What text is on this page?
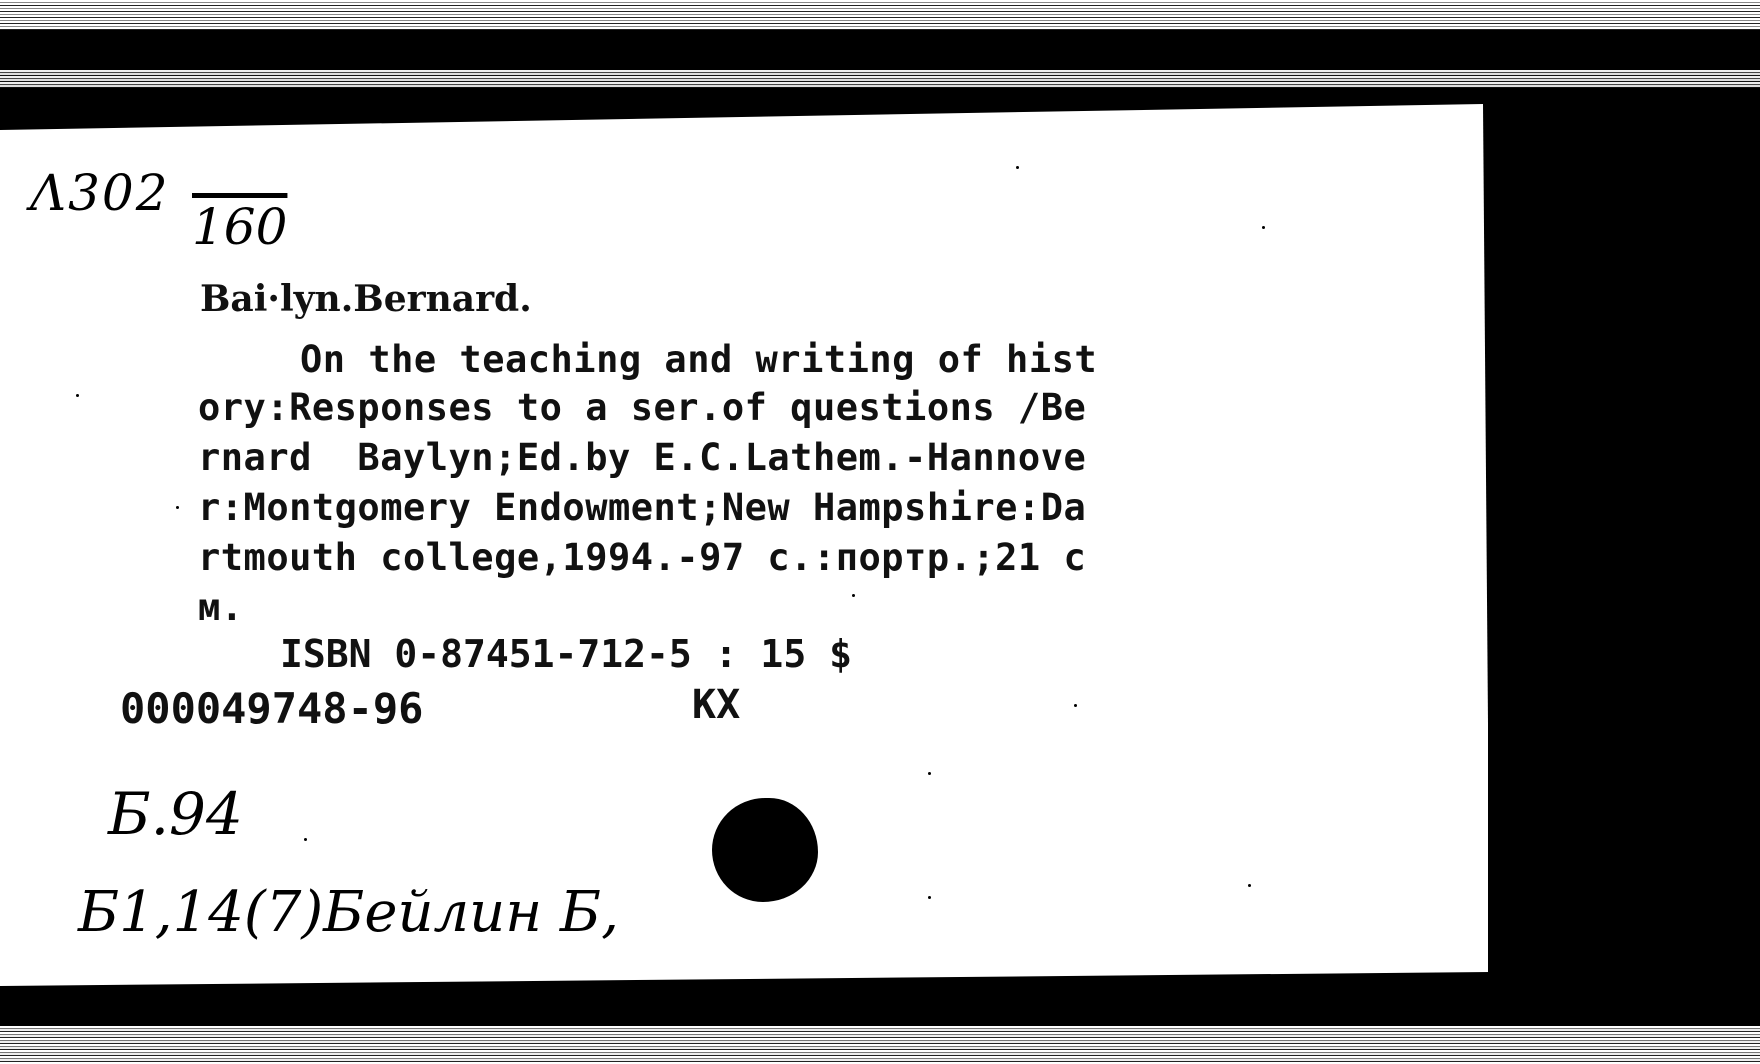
Λ302
160
Bai·lyn.Bernard.
On the teaching and writing of hist
ory:Responses to a ser.of questions /Be
rnard  Baylyn;Ed.by E.C.Lathem.-Hannove
r:Montgomery Endowment;New Hampshire:Da
rtmouth college,1994.-97 c.:портр.;21 с
м.
ISBN 0-87451-712-5 : 15 $
000049748-96	KX
Б.94
Б1,14(7)Бейлин Б,
